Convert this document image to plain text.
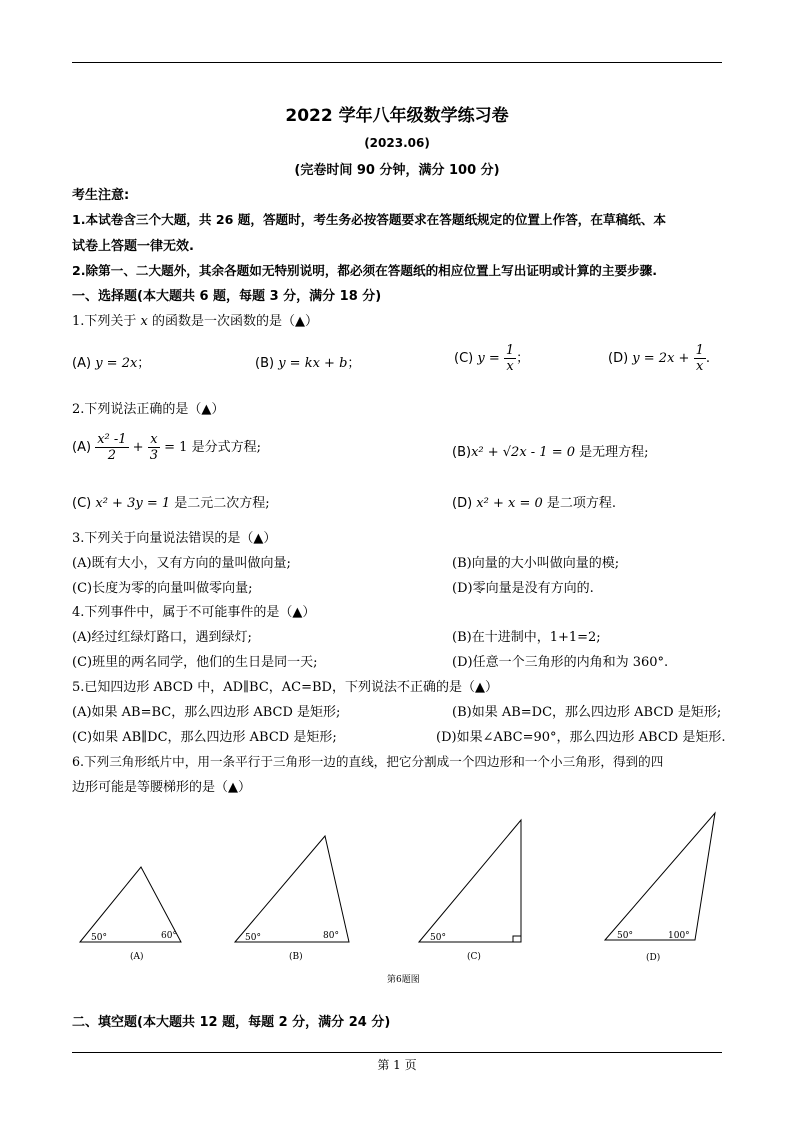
2022 学年八年级数学练习卷
(2023.06)
(完卷时间 90 分钟，满分 100 分)
考生注意:
1.本试卷含三个大题，共 26 题，答题时，考生务必按答题要求在答题纸规定的位置上作答，在草稿纸、本
试卷上答题一律无效.
2.除第一、二大题外，其余各题如无特别说明，都必须在答题纸的相应位置上写出证明或计算的主要步骤.
一、选择题(本大题共 6 题，每题 3 分，满分 18 分)
1.下列关于 x 的函数是一次函数的是（▲）
(A) y = 2x；	(B) y = kx + b；	(C) $y = \frac{1}{x}$ ；	(D) $y = 2x + \frac{1}{x}$ .
2.下列说法正确的是（▲）
$(A) \frac{\text{x² -1}}{2} + \frac{x}{3} = 1$ 是分式方程;	(B)x² + √2x - 1 = 0 是无理方程;
(C) x² + 3y = 1 是二元二次方程;	(D) x² + x = 0 是二项方程.
3.下列关于向量说法错误的是（▲）
(A)既有大小，又有方向的量叫做向量;	(B)向量的大小叫做向量的模;
(C)长度为零的向量叫做零向量;	(D)零向量是没有方向的.
4.下列事件中，属于不可能事件的是（▲）
(A)经过红绿灯路口，遇到绿灯;	(B)在十进制中，1+1=2;
(C)班里的两名同学，他们的生日是同一天;	(D)任意一个三角形的内角和为 360°.
5.已知四边形 ABCD 中，AD∥BC，AC=BD，下列说法不正确的是（▲）
(A)如果 AB=BC，那么四边形 ABCD 是矩形;	(B)如果 AB=DC，那么四边形 ABCD 是矩形;
(C)如果 AB∥DC，那么四边形 ABCD 是矩形;	(D)如果∠ABC=90°，那么四边形 ABCD 是矩形.
6.下列三角形纸片中，用一条平行于三角形一边的直线，把它分割成一个四边形和一个小三角形，得到的四
边形可能是等腰梯形的是（▲）
50°	60°
(A)
50°	80°
(B)
50°
(C)
50°	100°
(D)
第6题图
二、填空题(本大题共 12 题，每题 2 分，满分 24 分)
第 1 页
